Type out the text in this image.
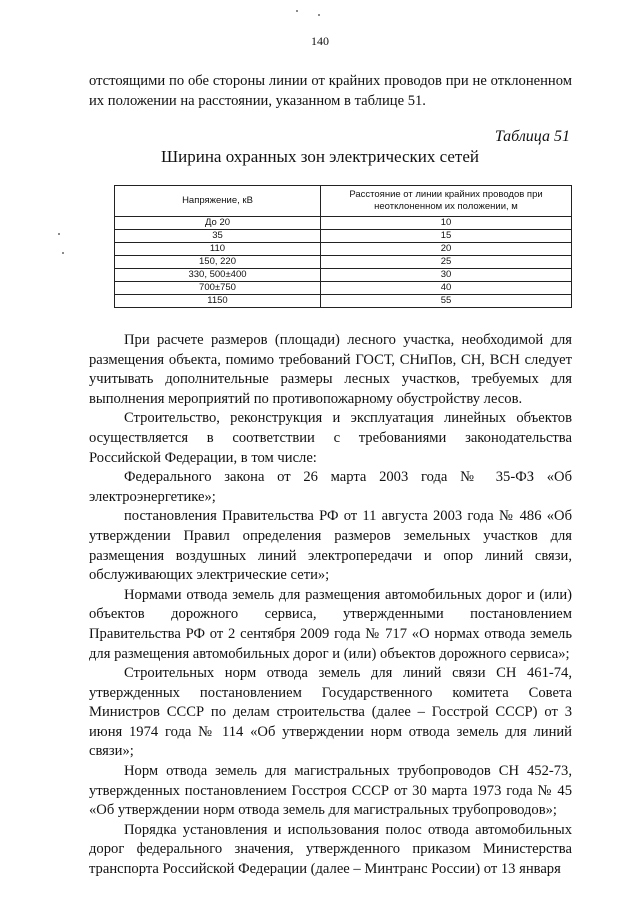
140

отстоящими по обе стороны линии от крайних проводов при не отклоненном их положении на расстоянии, указанном в таблице 51.

Таблица 51
Ширина охранных зон электрических сетей
Напряжение, кВ	Расстояние от линии крайних проводов при неотклоненном их положении, м
До 20	10
35	15
110	20
150, 220	25
330, 500±400	30
700±750	40
1150	55

При расчете размеров (площади) лесного участка, необходимой для размещения объекта, помимо требований ГОСТ, СНиПов, СН, ВСН следует учитывать дополнительные размеры лесных участков, требуемых для выполнения мероприятий по противопожарному обустройству лесов.

Строительство, реконструкция и эксплуатация линейных объектов осуществляется в соответствии с требованиями законодательства Российской Федерации, в том числе:

Федерального закона от 26 марта 2003 года № 35-ФЗ «Об электроэнергетике»;

постановления Правительства РФ от 11 августа 2003 года № 486 «Об утверждении Правил определения размеров земельных участков для размещения воздушных линий электропередачи и опор линий связи, обслуживающих электрические сети»;

Нормами отвода земель для размещения автомобильных дорог и (или) объектов дорожного сервиса, утвержденными постановлением Правительства РФ от 2 сентября 2009 года № 717 «О нормах отвода земель для размещения автомобильных дорог и (или) объектов дорожного сервиса»;

Строительных норм отвода земель для линий связи СН 461-74, утвержденных постановлением Государственного комитета Совета Министров СССР по делам строительства (далее – Госстрой СССР) от 3 июня 1974 года № 114 «Об утверждении норм отвода земель для линий связи»;

Норм отвода земель для магистральных трубопроводов СН 452-73, утвержденных постановлением Госстроя СССР от 30 марта 1973 года № 45 «Об утверждении норм отвода земель для магистральных трубопроводов»;

Порядка установления и использования полос отвода автомобильных дорог федерального значения, утвержденного приказом Министерства транспорта Российской Федерации (далее – Минтранс России) от 13 января
